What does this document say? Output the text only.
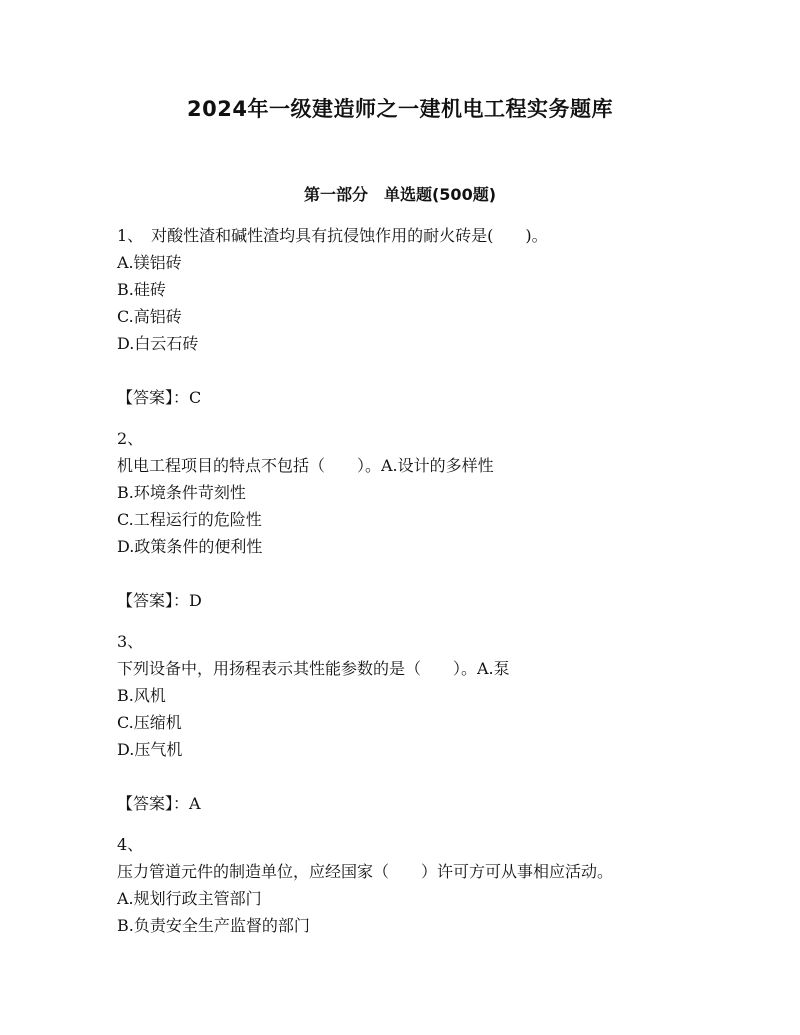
2024年一级建造师之一建机电工程实务题库
第一部分　单选题(500题)
1、　对酸性渣和碱性渣均具有抗侵蚀作用的耐火砖是(　　)。
A.镁铝砖
B.硅砖
C.高铝砖
D.白云石砖
【答案】：C
2、
机电工程项目的特点不包括（　　）。A.设计的多样性
B.环境条件苛刻性
C.工程运行的危险性
D.政策条件的便利性
【答案】：D
3、
下列设备中，用扬程表示其性能参数的是（　　）。A.泵
B.风机
C.压缩机
D.压气机
【答案】：A
4、
压力管道元件的制造单位，应经国家（　　）许可方可从事相应活动。
A.规划行政主管部门
B.负责安全生产监督的部门
